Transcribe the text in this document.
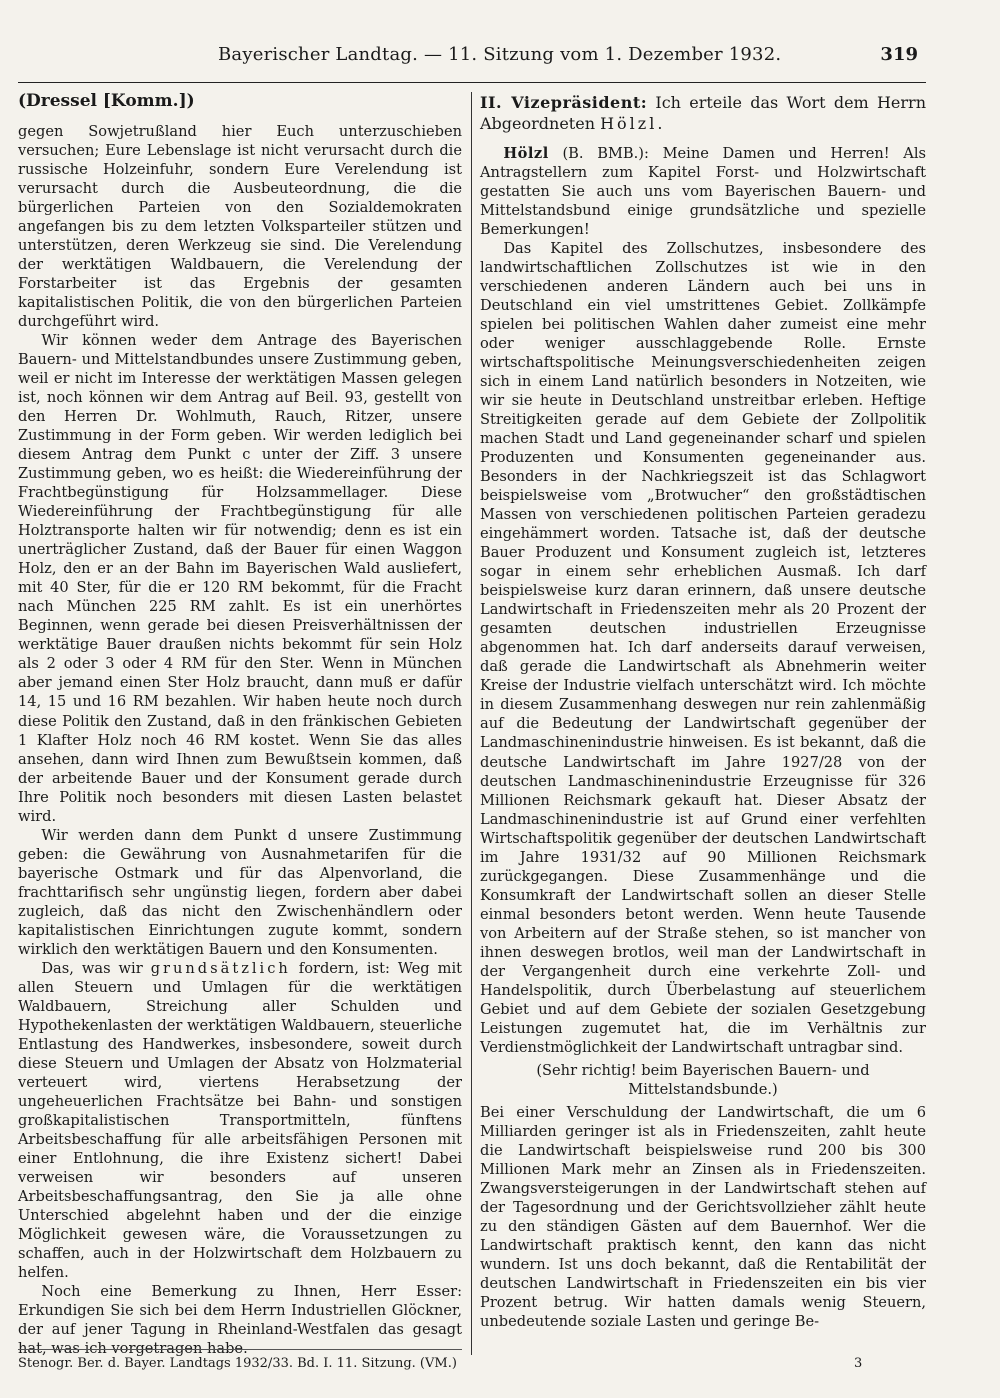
Bayerischer Landtag. — 11. Sitzung vom 1. Dezember 1932.	319

(Dressel [Komm.])

gegen Sowjetrußland hier Euch unterzuschieben versuchen; Eure Lebenslage ist nicht verursacht durch die russische Holzeinfuhr, sondern Eure Verelendung ist verursacht durch die Ausbeuteordnung, die die bürgerlichen Parteien von den Sozialdemokraten angefangen bis zu dem letzten Volksparteiler stützen und unterstützen, deren Werkzeug sie sind. Die Verelendung der werktätigen Waldbauern, die Verelendung der Forstarbeiter ist das Ergebnis der gesamten kapitalistischen Politik, die von den bürgerlichen Parteien durchgeführt wird.

Wir können weder dem Antrage des Bayerischen Bauern- und Mittelstandbundes unsere Zustimmung geben, weil er nicht im Interesse der werktätigen Massen gelegen ist, noch können wir dem Antrag auf Beil. 93, gestellt von den Herren Dr. Wohlmuth, Rauch, Ritzer, unsere Zustimmung in der Form geben. Wir werden lediglich bei diesem Antrag dem Punkt c unter der Ziff. 3 unsere Zustimmung geben, wo es heißt: die Wiedereinführung der Frachtbegünstigung für Holzsammellager. Diese Wiedereinführung der Frachtbegünstigung für alle Holztransporte halten wir für notwendig; denn es ist ein unerträglicher Zustand, daß der Bauer für einen Waggon Holz, den er an der Bahn im Bayerischen Wald ausliefert, mit 40 Ster, für die er 120 RM bekommt, für die Fracht nach München 225 RM zahlt. Es ist ein unerhörtes Beginnen, wenn gerade bei diesen Preisverhältnissen der werktätige Bauer draußen nichts bekommt für sein Holz als 2 oder 3 oder 4 RM für den Ster. Wenn in München aber jemand einen Ster Holz braucht, dann muß er dafür 14, 15 und 16 RM bezahlen. Wir haben heute noch durch diese Politik den Zustand, daß in den fränkischen Gebieten 1 Klafter Holz noch 46 RM kostet. Wenn Sie das alles ansehen, dann wird Ihnen zum Bewußtsein kommen, daß der arbeitende Bauer und der Konsument gerade durch Ihre Politik noch besonders mit diesen Lasten belastet wird.

Wir werden dann dem Punkt d unsere Zustimmung geben: die Gewährung von Ausnahmetarifen für die bayerische Ostmark und für das Alpenvorland, die frachttarifisch sehr ungünstig liegen, fordern aber dabei zugleich, daß das nicht den Zwischenhändlern oder kapitalistischen Einrichtungen zugute kommt, sondern wirklich den werktätigen Bauern und den Konsumenten.

Das, was wir grundsätzlich fordern, ist: Weg mit allen Steuern und Umlagen für die werktätigen Waldbauern, Streichung aller Schulden und Hypothekenlasten der werktätigen Waldbauern, steuerliche Entlastung des Handwerkes, insbesondere, soweit durch diese Steuern und Umlagen der Absatz von Holzmaterial verteuert wird, viertens Herabsetzung der ungeheuerlichen Frachtsätze bei Bahn- und sonstigen großkapitalistischen Transportmitteln, fünftens Arbeitsbeschaffung für alle arbeitsfähigen Personen mit einer Entlohnung, die ihre Existenz sichert! Dabei verweisen wir besonders auf unseren Arbeitsbeschaffungsantrag, den Sie ja alle ohne Unterschied abgelehnt haben und der die einzige Möglichkeit gewesen wäre, die Voraussetzungen zu schaffen, auch in der Holzwirtschaft dem Holzbauern zu helfen.

Noch eine Bemerkung zu Ihnen, Herr Esser: Erkundigen Sie sich bei dem Herrn Industriellen Glöckner, der auf jener Tagung in Rheinland-Westfalen das gesagt hat, was ich vorgetragen habe.

II. Vizepräsident: Ich erteile das Wort dem Herrn Abgeordneten Hölzl.

Hölzl (B. BMB.): Meine Damen und Herren! Als Antragstellern zum Kapitel Forst- und Holzwirtschaft gestatten Sie auch uns vom Bayerischen Bauern- und Mittelstandsbund einige grundsätzliche und spezielle Bemerkungen!

Das Kapitel des Zollschutzes, insbesondere des landwirtschaftlichen Zollschutzes ist wie in den verschiedenen anderen Ländern auch bei uns in Deutschland ein viel umstrittenes Gebiet. Zollkämpfe spielen bei politischen Wahlen daher zumeist eine mehr oder weniger ausschlaggebende Rolle. Ernste wirtschaftspolitische Meinungsverschiedenheiten zeigen sich in einem Land natürlich besonders in Notzeiten, wie wir sie heute in Deutschland unstreitbar erleben. Heftige Streitigkeiten gerade auf dem Gebiete der Zollpolitik machen Stadt und Land gegeneinander scharf und spielen Produzenten und Konsumenten gegeneinander aus. Besonders in der Nachkriegszeit ist das Schlagwort beispielsweise vom „Brotwucher“ den großstädtischen Massen von verschiedenen politischen Parteien geradezu eingehämmert worden. Tatsache ist, daß der deutsche Bauer Produzent und Konsument zugleich ist, letzteres sogar in einem sehr erheblichen Ausmaß. Ich darf beispielsweise kurz daran erinnern, daß unsere deutsche Landwirtschaft in Friedenszeiten mehr als 20 Prozent der gesamten deutschen industriellen Erzeugnisse abgenommen hat. Ich darf anderseits darauf verweisen, daß gerade die Landwirtschaft als Abnehmerin weiter Kreise der Industrie vielfach unterschätzt wird. Ich möchte in diesem Zusammenhang deswegen nur rein zahlenmäßig auf die Bedeutung der Landwirtschaft gegenüber der Landmaschinenindustrie hinweisen. Es ist bekannt, daß die deutsche Landwirtschaft im Jahre 1927/28 von der deutschen Landmaschinenindustrie Erzeugnisse für 326 Millionen Reichsmark gekauft hat. Dieser Absatz der Landmaschinenindustrie ist auf Grund einer verfehlten Wirtschaftspolitik gegenüber der deutschen Landwirtschaft im Jahre 1931/32 auf 90 Millionen Reichsmark zurückgegangen. Diese Zusammenhänge und die Konsumkraft der Landwirtschaft sollen an dieser Stelle einmal besonders betont werden. Wenn heute Tausende von Arbeitern auf der Straße stehen, so ist mancher von ihnen deswegen brotlos, weil man der Landwirtschaft in der Vergangenheit durch eine verkehrte Zoll- und Handelspolitik, durch Überbelastung auf steuerlichem Gebiet und auf dem Gebiete der sozialen Gesetzgebung Leistungen zugemutet hat, die im Verhältnis zur Verdienstmöglichkeit der Landwirtschaft untragbar sind.

(Sehr richtig! beim Bayerischen Bauern- und Mittelstandsbunde.)

Bei einer Verschuldung der Landwirtschaft, die um 6 Milliarden geringer ist als in Friedenszeiten, zahlt heute die Landwirtschaft beispielsweise rund 200 bis 300 Millionen Mark mehr an Zinsen als in Friedenszeiten. Zwangsversteigerungen in der Landwirtschaft stehen auf der Tagesordnung und der Gerichtsvollzieher zählt heute zu den ständigen Gästen auf dem Bauernhof. Wer die Landwirtschaft praktisch kennt, den kann das nicht wundern. Ist uns doch bekannt, daß die Rentabilität der deutschen Landwirtschaft in Friedenszeiten ein bis vier Prozent betrug. Wir hatten damals wenig Steuern, unbedeutende soziale Lasten und geringe Be-

Stenogr. Ber. d. Bayer. Landtags 1932/33. Bd. I. 11. Sitzung. (VM.)	3
